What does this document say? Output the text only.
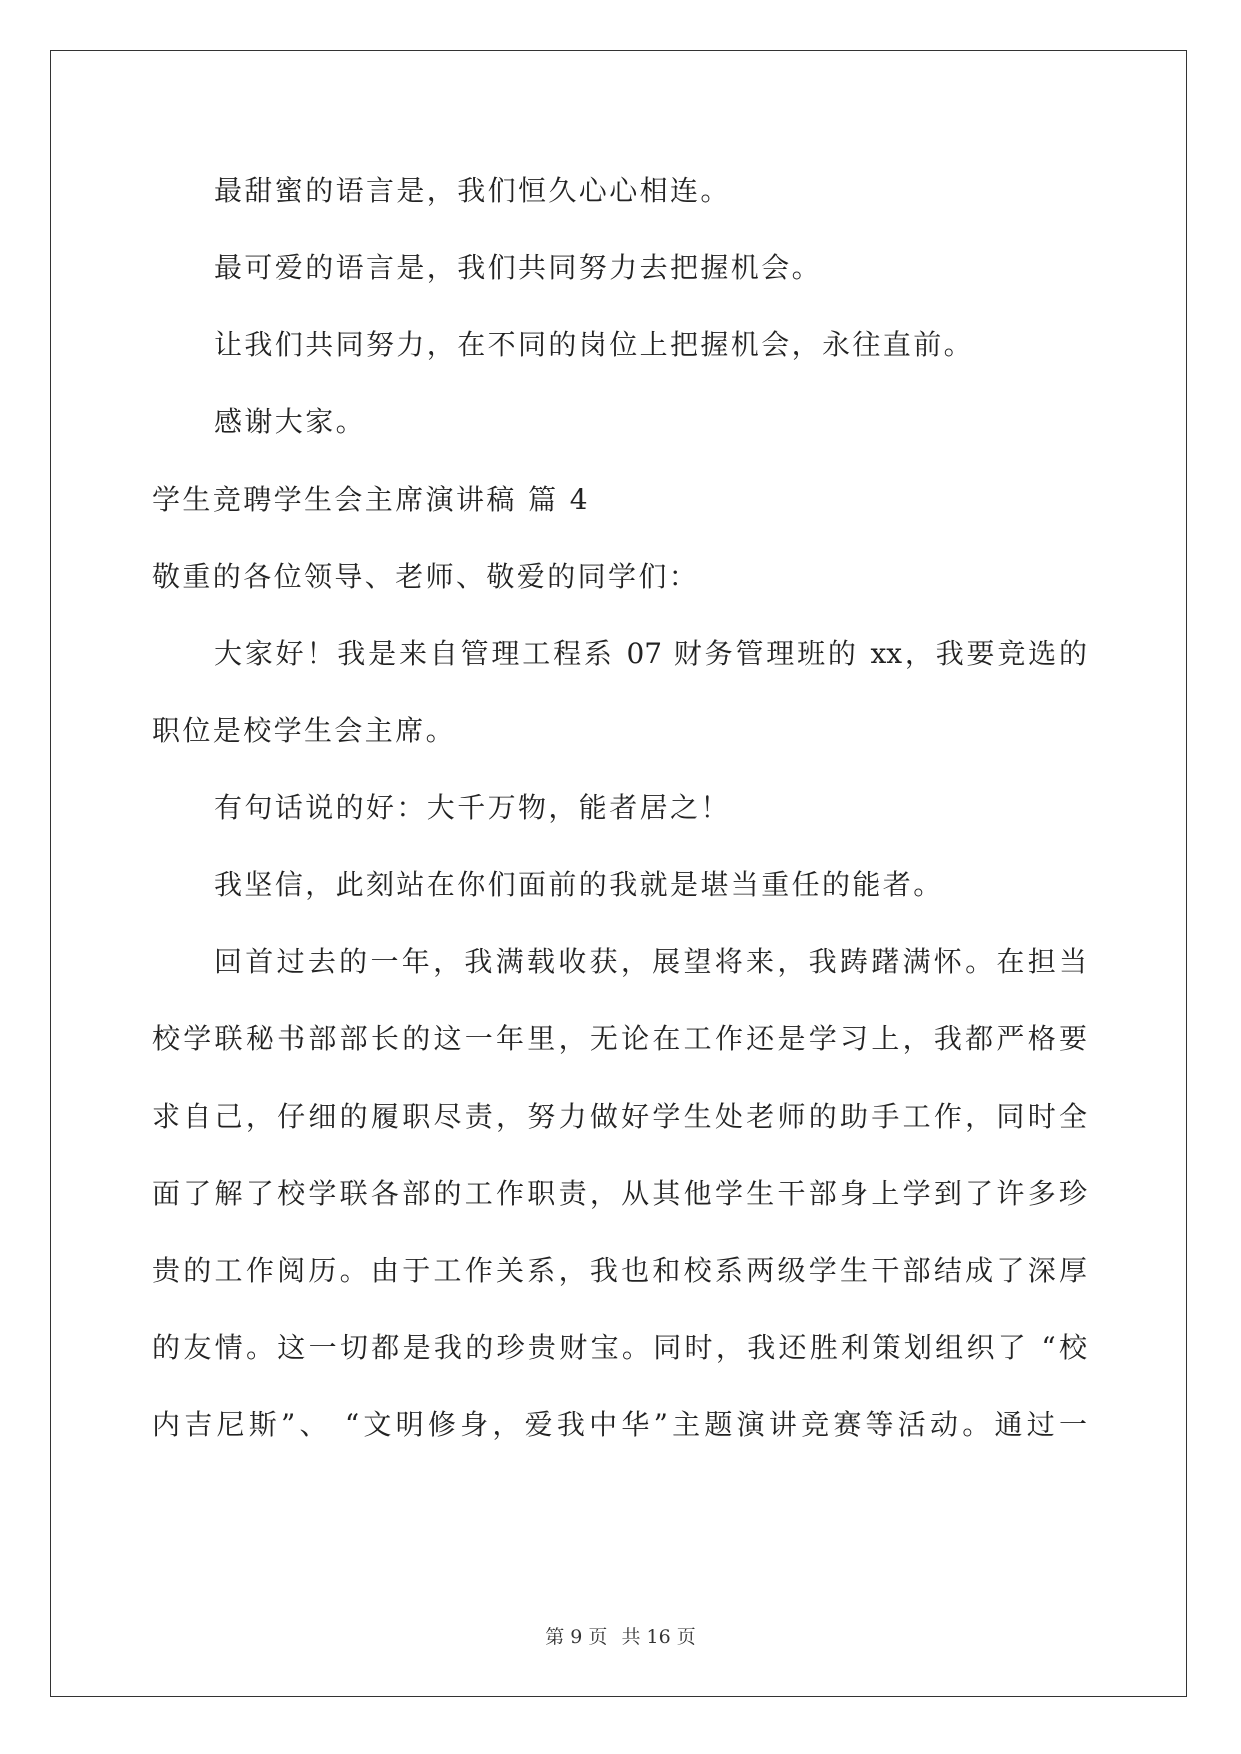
最甜蜜的语言是，我们恒久心心相连。
最可爱的语言是，我们共同努力去把握机会。
让我们共同努力，在不同的岗位上把握机会，永往直前。
感谢大家。
学生竞聘学生会主席演讲稿 篇 4
敬重的各位领导、老师、敬爱的同学们：
大家好！我是来自管理工程系 07 财务管理班的 xx，我要竞选的
职位是校学生会主席。
有句话说的好：大千万物，能者居之！
我坚信，此刻站在你们面前的我就是堪当重任的能者。
回首过去的一年，我满载收获，展望将来，我踌躇满怀。在担当
校学联秘书部部长的这一年里，无论在工作还是学习上，我都严格要
求自己，仔细的履职尽责，努力做好学生处老师的助手工作，同时全
面了解了校学联各部的工作职责，从其他学生干部身上学到了许多珍
贵的工作阅历。由于工作关系，我也和校系两级学生干部结成了深厚
的友情。这一切都是我的珍贵财宝。同时，我还胜利策划组织了 “校
内吉尼斯”、 “文明修身，爱我中华”主题演讲竞赛等活动。通过一
第 9 页 共 16 页
